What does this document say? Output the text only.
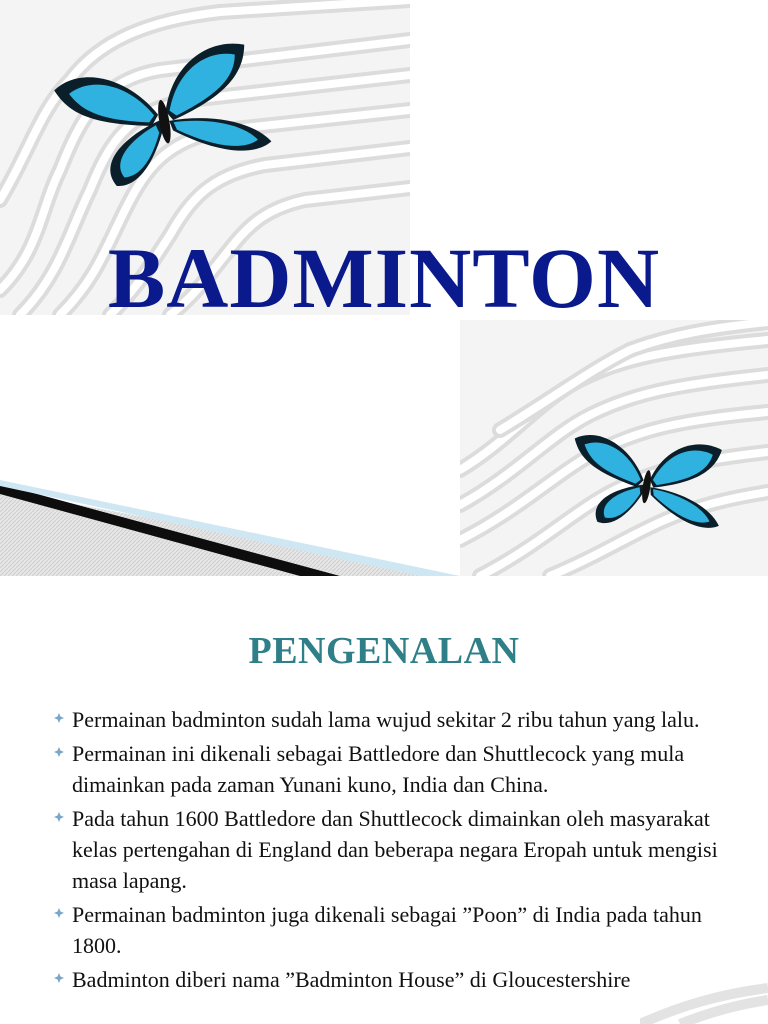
BADMINTON
PENGENALAN
Permainan badminton sudah lama wujud sekitar 2 ribu tahun yang lalu.
Permainan ini dikenali sebagai Battledore dan Shuttlecock yang mula dimainkan pada zaman Yunani kuno, India dan China.
Pada tahun 1600 Battledore dan Shuttlecock dimainkan oleh masyarakat kelas pertengahan di England dan beberapa negara Eropah untuk mengisi masa lapang.
Permainan badminton juga dikenali sebagai ”Poon” di India pada tahun 1800.
Badminton diberi nama ”Badminton House” di Gloucestershire
